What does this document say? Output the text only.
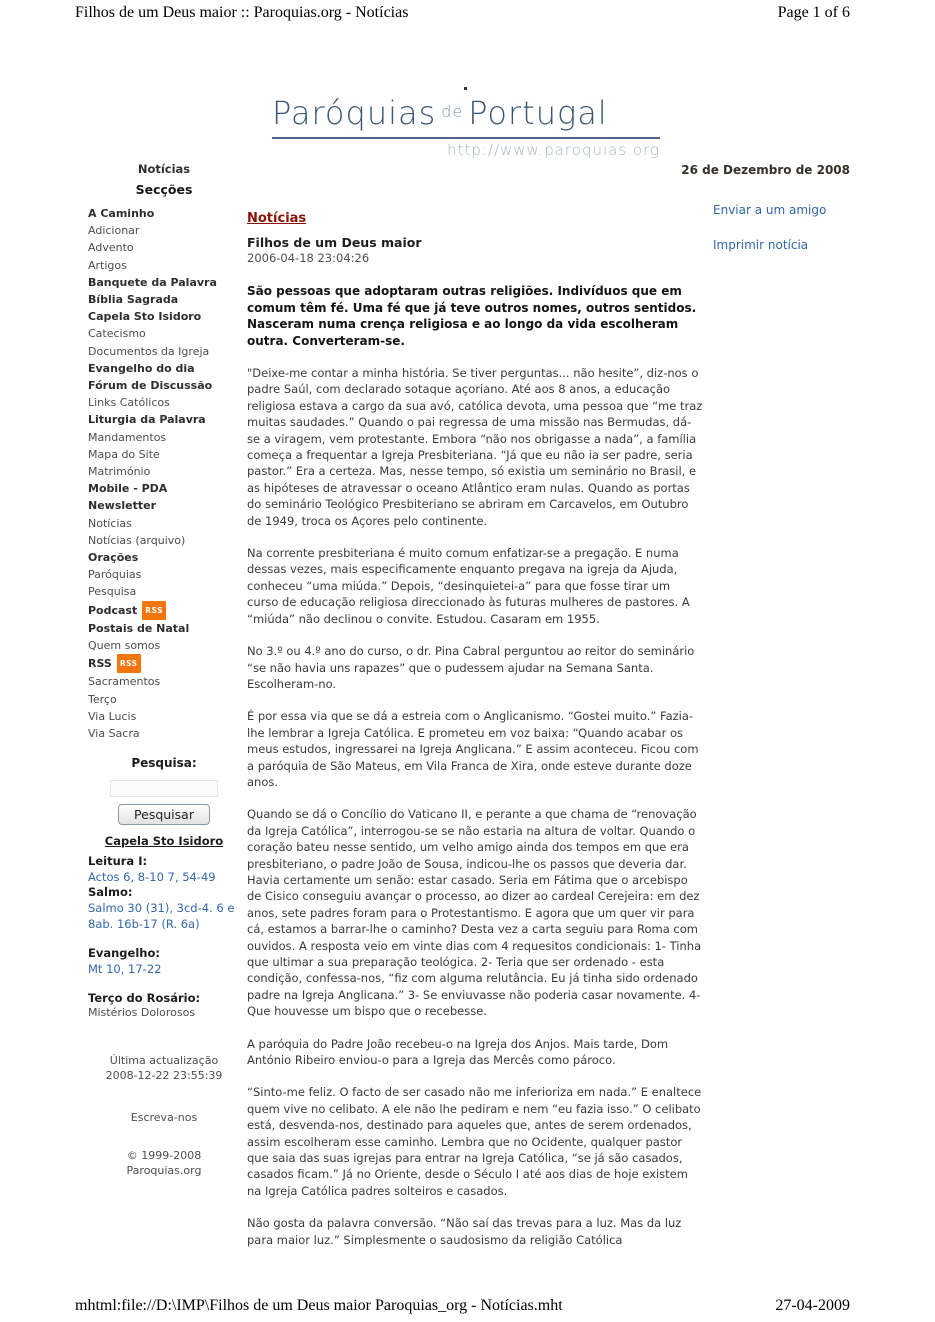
Filhos de um Deus maior :: Paroquias.org - Notícias	Page 1 of 6
Paróquias $^{de}$ Portugal
http://www.paroquias.org
26 de Dezembro de 2008
Notícias
Secções
A Caminho
Adicionar
Advento
Artigos
Banquete da Palavra
Bíblia Sagrada
Capela Sto Isidoro
Catecismo
Documentos da Igreja
Evangelho do dia
Fórum de Discussão
Links Católicos
Liturgia da Palavra
Mandamentos
Mapa do Site
Matrimónio
Mobile - PDA
Newsletter
Notícias
Notícias (arquivo)
Orações
Paróquias
Pesquisa
Podcast RSS
Postais de Natal
Quem somos
RSS RSS
Sacramentos
Terço
Via Lucis
Via Sacra
Pesquisa:
Pesquisar
Capela Sto Isidoro
Leitura I:
Actos 6, 8-10 7, 54-49
Salmo:
Salmo 30 (31), 3cd-4. 6 e 8ab. 16b-17 (R. 6a)
Evangelho:
Mt 10, 17-22
Terço do Rosário:
Mistérios Dolorosos
Última actualização
2008-12-22 23:55:39
Escreva-nos
© 1999-2008
Paroquias.org
Notícias
Filhos de um Deus maior
2006-04-18 23:04:26

São pessoas que adoptaram outras religiões. Indivíduos que em comum têm fé. Uma fé que já teve outros nomes, outros sentidos. Nasceram numa crença religiosa e ao longo da vida escolheram outra. Converteram-se.

"Deixe-me contar a minha história. Se tiver perguntas... não hesite”, diz-nos o padre Saúl, com declarado sotaque açoriano. Até aos 8 anos, a educação religiosa estava a cargo da sua avó, católica devota, uma pessoa que “me traz muitas saudades.” Quando o pai regressa de uma missão nas Bermudas, dá-se a viragem, vem protestante. Embora “não nos obrigasse a nada”, a família começa a frequentar a Igreja Presbiteriana. “Já que eu não ia ser padre, seria pastor.” Era a certeza. Mas, nesse tempo, só existia um seminário no Brasil, e as hipóteses de atravessar o oceano Atlântico eram nulas. Quando as portas do seminário Teológico Presbiteriano se abriram em Carcavelos, em Outubro de 1949, troca os Açores pelo continente.

Na corrente presbiteriana é muito comum enfatizar-se a pregação. E numa dessas vezes, mais especificamente enquanto pregava na igreja da Ajuda, conheceu “uma miúda.” Depois, “desinquietei-a” para que fosse tirar um curso de educação religiosa direccionado às futuras mulheres de pastores. A “miúda” não declinou o convite. Estudou. Casaram em 1955.

No 3.º ou 4.º ano do curso, o dr. Pina Cabral perguntou ao reitor do seminário “se não havia uns rapazes” que o pudessem ajudar na Semana Santa. Escolheram-no.

É por essa via que se dá a estreia com o Anglicanismo. “Gostei muito.” Fazia-lhe lembrar a Igreja Católica. E prometeu em voz baixa: “Quando acabar os meus estudos, ingressarei na Igreja Anglicana.” E assim aconteceu. Ficou com a paróquia de São Mateus, em Vila Franca de Xira, onde esteve durante doze anos.

Quando se dá o Concílio do Vaticano II, e perante a que chama de “renovação da Igreja Católica”, interrogou-se se não estaria na altura de voltar. Quando o coração bateu nesse sentido, um velho amigo ainda dos tempos em que era presbiteriano, o padre João de Sousa, indicou-lhe os passos que deveria dar. Havia certamente um senão: estar casado. Seria em Fátima que o arcebispo de Cisico conseguiu avançar o processo, ao dizer ao cardeal Cerejeira: em dez anos, sete padres foram para o Protestantismo. E agora que um quer vir para cá, estamos a barrar-lhe o caminho? Desta vez a carta seguiu para Roma com ouvidos. A resposta veio em vinte dias com 4 requesitos condicionais: 1- Tinha que ultimar a sua preparação teológica. 2- Teria que ser ordenado - esta condição, confessa-nos, “fiz com alguma relutância. Eu já tinha sido ordenado padre na Igreja Anglicana.” 3- Se enviuvasse não poderia casar novamente. 4- Que houvesse um bispo que o recebesse.

A paróquia do Padre João recebeu-o na Igreja dos Anjos. Mais tarde, Dom António Ribeiro enviou-o para a Igreja das Mercês como pároco.

“Sinto-me feliz. O facto de ser casado não me inferioriza em nada.” E enaltece quem vive no celibato. A ele não lhe pediram e nem “eu fazia isso.” O celibato está, desvenda-nos, destinado para aqueles que, antes de serem ordenados, assim escolheram esse caminho. Lembra que no Ocidente, qualquer pastor que saia das suas igrejas para entrar na Igreja Católica, “se já são casados, casados ficam.” Já no Oriente, desde o Século I até aos dias de hoje existem na Igreja Católica padres solteiros e casados.

Não gosta da palavra conversão. “Não saí das trevas para a luz. Mas da luz para maior luz.” Simplesmente o saudosismo da religião Católica

Enviar a um amigo
Imprimir notícia
mhtml:file://D:\IMP\Filhos de um Deus maior Paroquias_org - Notícias.mht	27-04-2009
